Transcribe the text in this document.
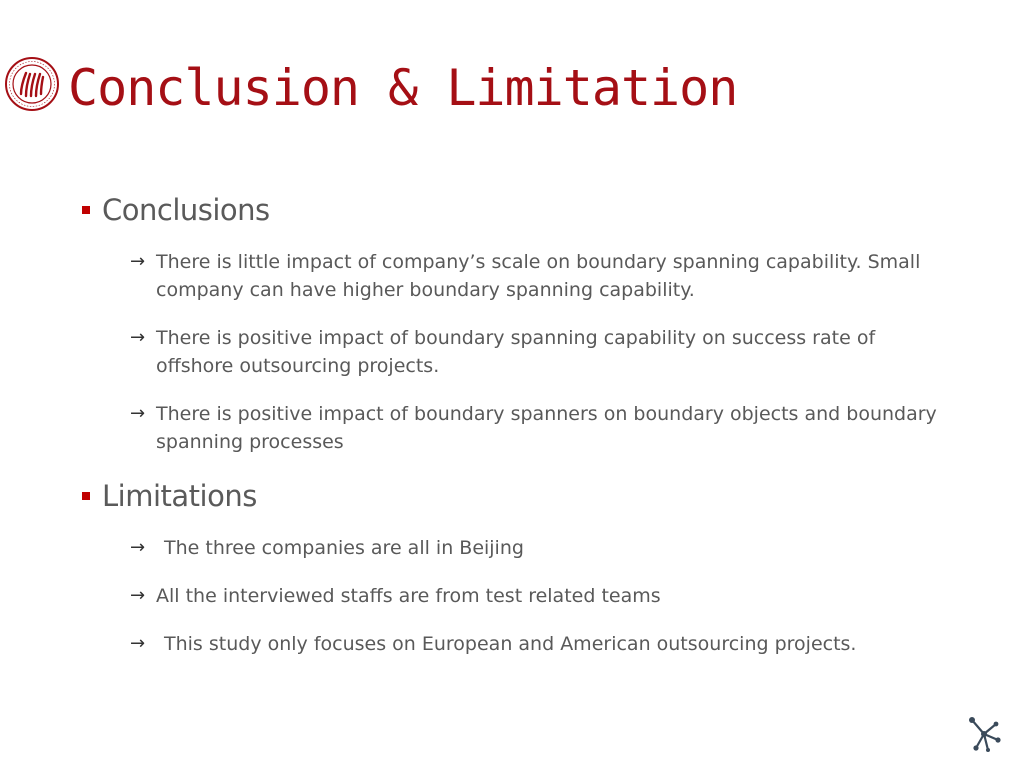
Conclusion & Limitation
Conclusions
→ There is little impact of company’s scale on boundary spanning capability. Small company can have higher boundary spanning capability.
→ There is positive impact of boundary spanning capability on success rate of offshore outsourcing projects.
→ There is positive impact of boundary spanners on boundary objects and boundary spanning processes
Limitations
→ The three companies are all in Beijing
→ All the interviewed staffs are from test related teams
→ This study only focuses on European and American outsourcing projects.
